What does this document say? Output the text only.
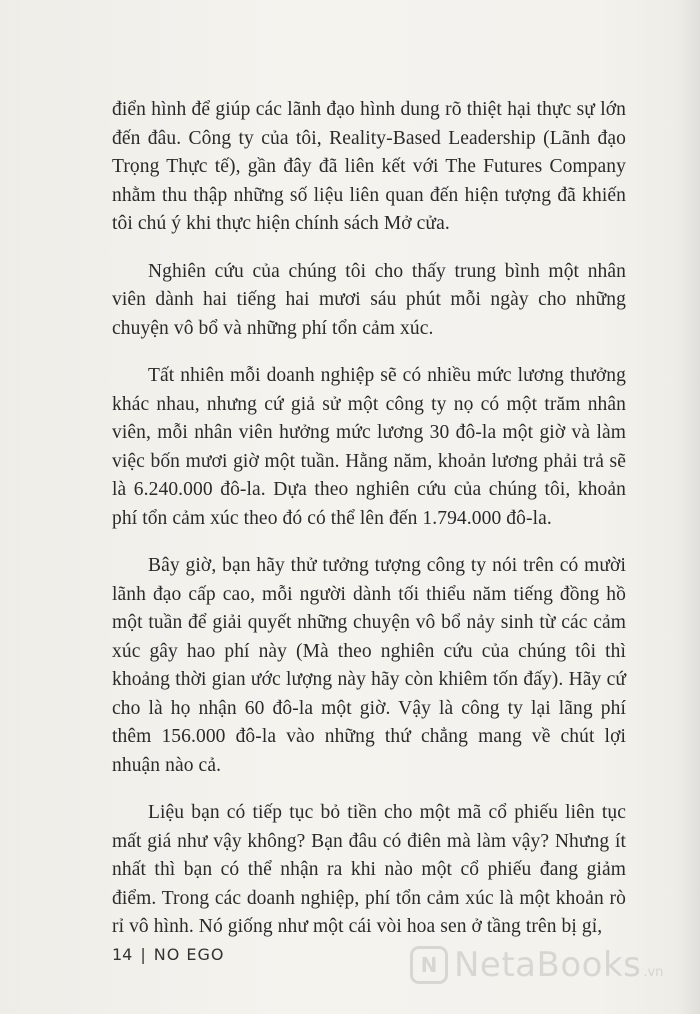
điển hình để giúp các lãnh đạo hình dung rõ thiệt hại thực sự lớn đến đâu. Công ty của tôi, Reality-Based Leadership (Lãnh đạo Trọng Thực tế), gần đây đã liên kết với The Futures Company nhằm thu thập những số liệu liên quan đến hiện tượng đã khiến tôi chú ý khi thực hiện chính sách Mở cửa.

Nghiên cứu của chúng tôi cho thấy trung bình một nhân viên dành hai tiếng hai mươi sáu phút mỗi ngày cho những chuyện vô bổ và những phí tổn cảm xúc.

Tất nhiên mỗi doanh nghiệp sẽ có nhiều mức lương thưởng khác nhau, nhưng cứ giả sử một công ty nọ có một trăm nhân viên, mỗi nhân viên hưởng mức lương 30 đô-la một giờ và làm việc bốn mươi giờ một tuần. Hằng năm, khoản lương phải trả sẽ là 6.240.000 đô-la. Dựa theo nghiên cứu của chúng tôi, khoản phí tổn cảm xúc theo đó có thể lên đến 1.794.000 đô-la.

Bây giờ, bạn hãy thử tưởng tượng công ty nói trên có mười lãnh đạo cấp cao, mỗi người dành tối thiểu năm tiếng đồng hồ một tuần để giải quyết những chuyện vô bổ nảy sinh từ các cảm xúc gây hao phí này (Mà theo nghiên cứu của chúng tôi thì khoảng thời gian ước lượng này hãy còn khiêm tốn đấy). Hãy cứ cho là họ nhận 60 đô-la một giờ. Vậy là công ty lại lãng phí thêm 156.000 đô-la vào những thứ chẳng mang về chút lợi nhuận nào cả.

Liệu bạn có tiếp tục bỏ tiền cho một mã cổ phiếu liên tục mất giá như vậy không? Bạn đâu có điên mà làm vậy? Nhưng ít nhất thì bạn có thể nhận ra khi nào một cổ phiếu đang giảm điểm. Trong các doanh nghiệp, phí tổn cảm xúc là một khoản rò rỉ vô hình. Nó giống như một cái vòi hoa sen ở tầng trên bị gỉ,

14 | NO EGO	N NetaBooks .vn
